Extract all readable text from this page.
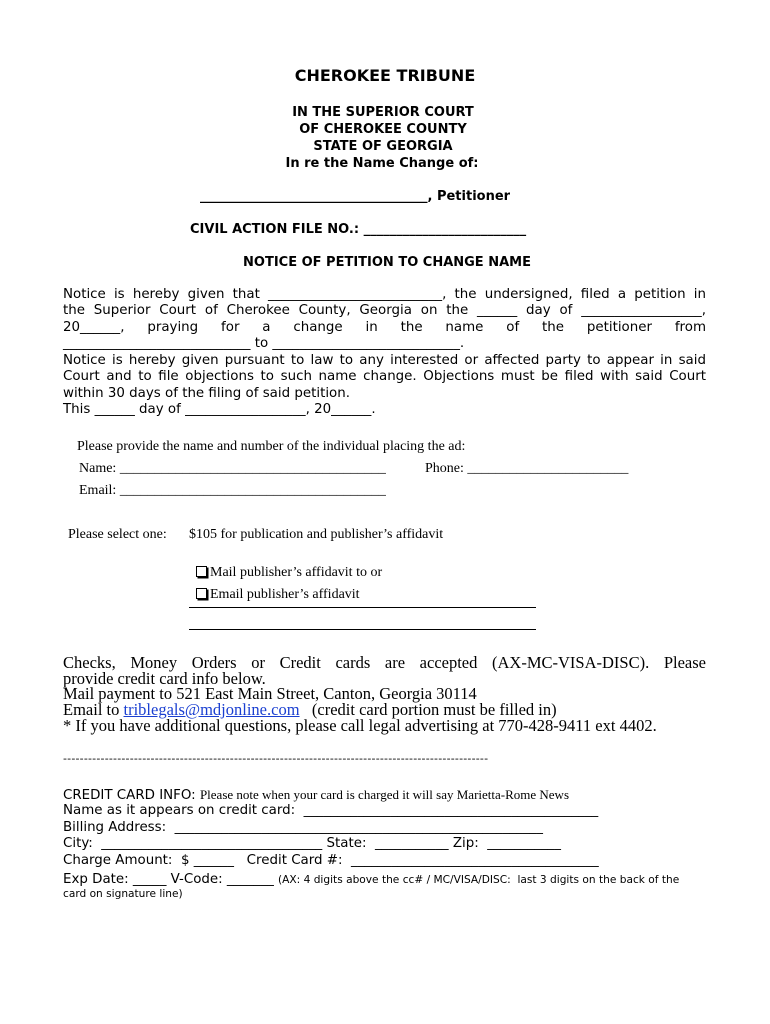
CHEROKEE TRIBUNE
IN THE SUPERIOR COURT
OF CHEROKEE COUNTY
STATE OF GEORGIA
In re the Name Change of:
___________________________________, Petitioner
CIVIL ACTION FILE NO.: _________________________
NOTICE OF PETITION TO CHANGE NAME
Notice is hereby given that __________________________, the undersigned, filed a petition in
the Superior Court of Cherokee County, Georgia on the ______ day of __________________,
20______, praying for a change in the name of the petitioner from
____________________________ to ____________________________.
Notice is hereby given pursuant to law to any interested or affected party to appear in said
Court and to file objections to such name change. Objections must be filed with said Court
within 30 days of the filing of said petition.
This ______ day of __________________, 20______.
Please provide the name and number of the individual placing the ad:
Name: ______________________________________	Phone: _______________________
Email: ______________________________________
Please select one: $105 for publication and publisher’s affidavit

Mail publisher’s affidavit to or

Email publisher’s affidavit

Checks, Money Orders or Credit cards are accepted (AX-MC-VISA-DISC). Please
provide credit card info below.
Mail payment to 521 East Main Street, Canton, Georgia 30114
Email to triblegals@mdjonline.com   (credit card portion must be filled in)
* If you have additional questions, please call legal advertising at 770-428-9411 ext 4402.
------------------------------------------------------------------------------------------------------
CREDIT CARD INFO: Please note when your card is charged it will say Marietta-Rome News
Name as it appears on credit card:  ____________________________________________
Billing Address:  _______________________________________________________
City:  _________________________________ State:  ___________ Zip:  ___________
Charge Amount:  $ ______   Credit Card #:  _____________________________________
Exp Date: _____ V-Code: _______ (AX: 4 digits above the cc# / MC/VISA/DISC:  last 3 digits on the back of the
card on signature line)
